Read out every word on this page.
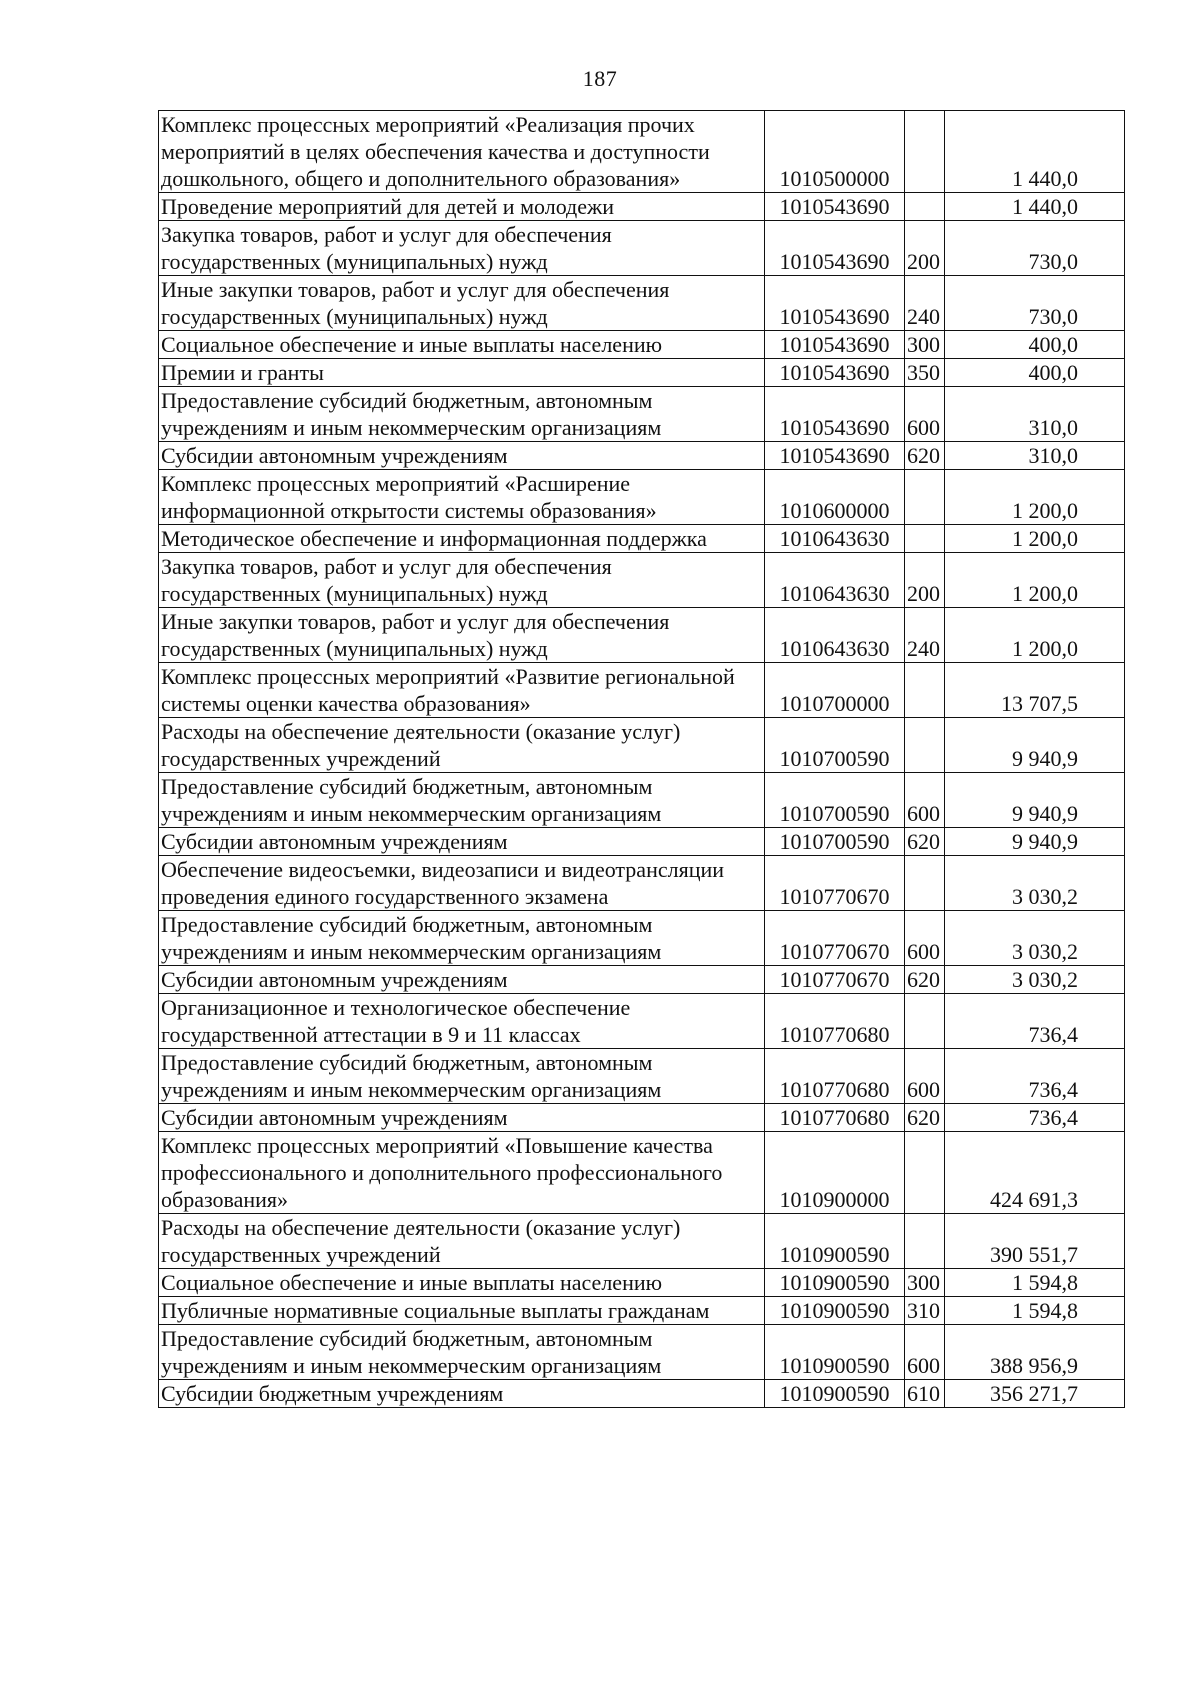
187
Комплекс процессных мероприятий «Реализация прочих мероприятий в целях обеспечения качества и доступности дошкольного, общего и дополнительного образования»	1010500000		1 440,0
Проведение мероприятий для детей и молодежи	1010543690		1 440,0
Закупка товаров, работ и услуг для обеспечения государственных (муниципальных) нужд	1010543690	200	730,0
Иные закупки товаров, работ и услуг для обеспечения государственных (муниципальных) нужд	1010543690	240	730,0
Социальное обеспечение и иные выплаты населению	1010543690	300	400,0
Премии и гранты	1010543690	350	400,0
Предоставление субсидий бюджетным, автономным учреждениям и иным некоммерческим организациям	1010543690	600	310,0
Субсидии автономным учреждениям	1010543690	620	310,0
Комплекс процессных мероприятий «Расширение информационной открытости системы образования»	1010600000		1 200,0
Методическое обеспечение и информационная поддержка	1010643630		1 200,0
Закупка товаров, работ и услуг для обеспечения государственных (муниципальных) нужд	1010643630	200	1 200,0
Иные закупки товаров, работ и услуг для обеспечения государственных (муниципальных) нужд	1010643630	240	1 200,0
Комплекс процессных мероприятий «Развитие региональной системы оценки качества образования»	1010700000		13 707,5
Расходы на обеспечение деятельности (оказание услуг) государственных учреждений	1010700590		9 940,9
Предоставление субсидий бюджетным, автономным учреждениям и иным некоммерческим организациям	1010700590	600	9 940,9
Субсидии автономным учреждениям	1010700590	620	9 940,9
Обеспечение видеосъемки, видеозаписи и видеотрансляции проведения единого государственного экзамена	1010770670		3 030,2
Предоставление субсидий бюджетным, автономным учреждениям и иным некоммерческим организациям	1010770670	600	3 030,2
Субсидии автономным учреждениям	1010770670	620	3 030,2
Организационное и технологическое обеспечение государственной аттестации в 9 и 11 классах	1010770680		736,4
Предоставление субсидий бюджетным, автономным учреждениям и иным некоммерческим организациям	1010770680	600	736,4
Субсидии автономным учреждениям	1010770680	620	736,4
Комплекс процессных мероприятий «Повышение качества профессионального и дополнительного профессионального образования»	1010900000		424 691,3
Расходы на обеспечение деятельности (оказание услуг) государственных учреждений	1010900590		390 551,7
Социальное обеспечение и иные выплаты населению	1010900590	300	1 594,8
Публичные нормативные социальные выплаты гражданам	1010900590	310	1 594,8
Предоставление субсидий бюджетным, автономным учреждениям и иным некоммерческим организациям	1010900590	600	388 956,9
Субсидии бюджетным учреждениям	1010900590	610	356 271,7
